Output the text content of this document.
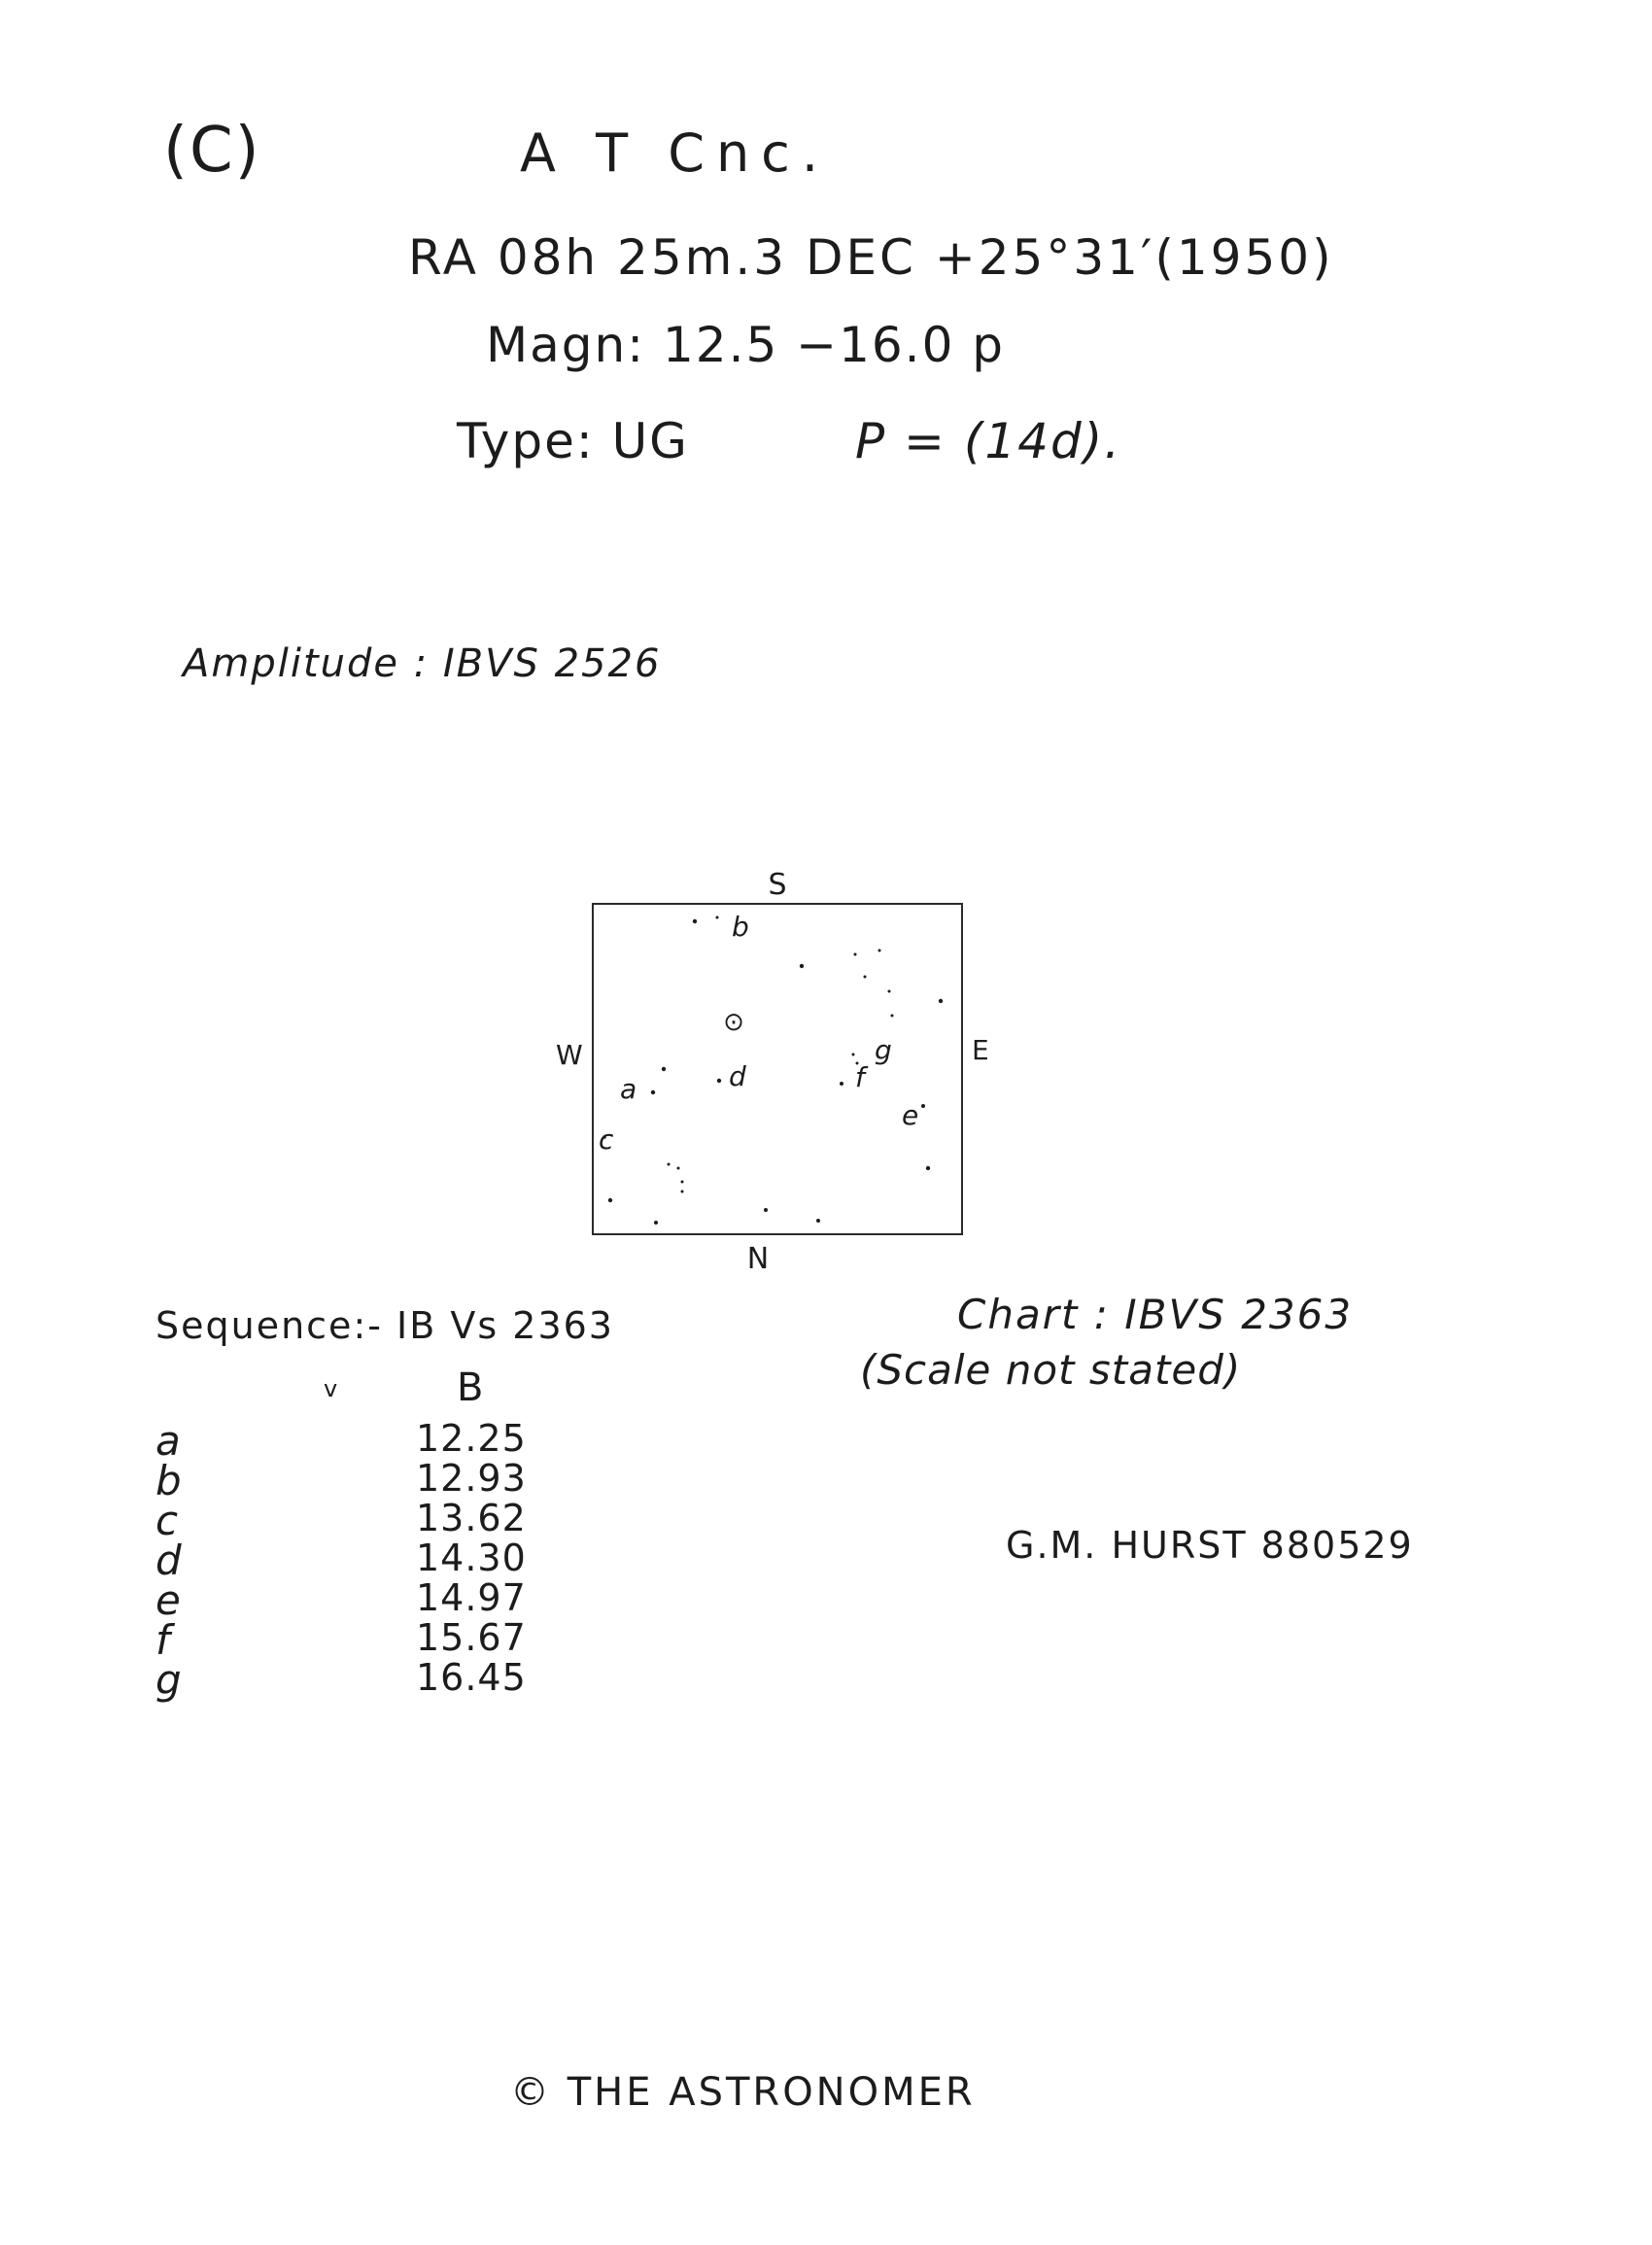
(C)	A T Cnc.
RA 08h 25m.3 DEC +25°31′(1950)
Magn: 12.5 −16.0 p
Type: UG	P = (14d).
Amplitude : IBVS 2526
S
N
W	E
⊙
a
b
c
d
e
f
g
Sequence:- IB Vs 2363
v	B
a	12.25
b	12.93
c	13.62
d	14.30
e	14.97
f	15.67
g	16.45
Chart : IBVS 2363
(Scale not stated)
G.M. HURST 880529
© THE ASTRONOMER
